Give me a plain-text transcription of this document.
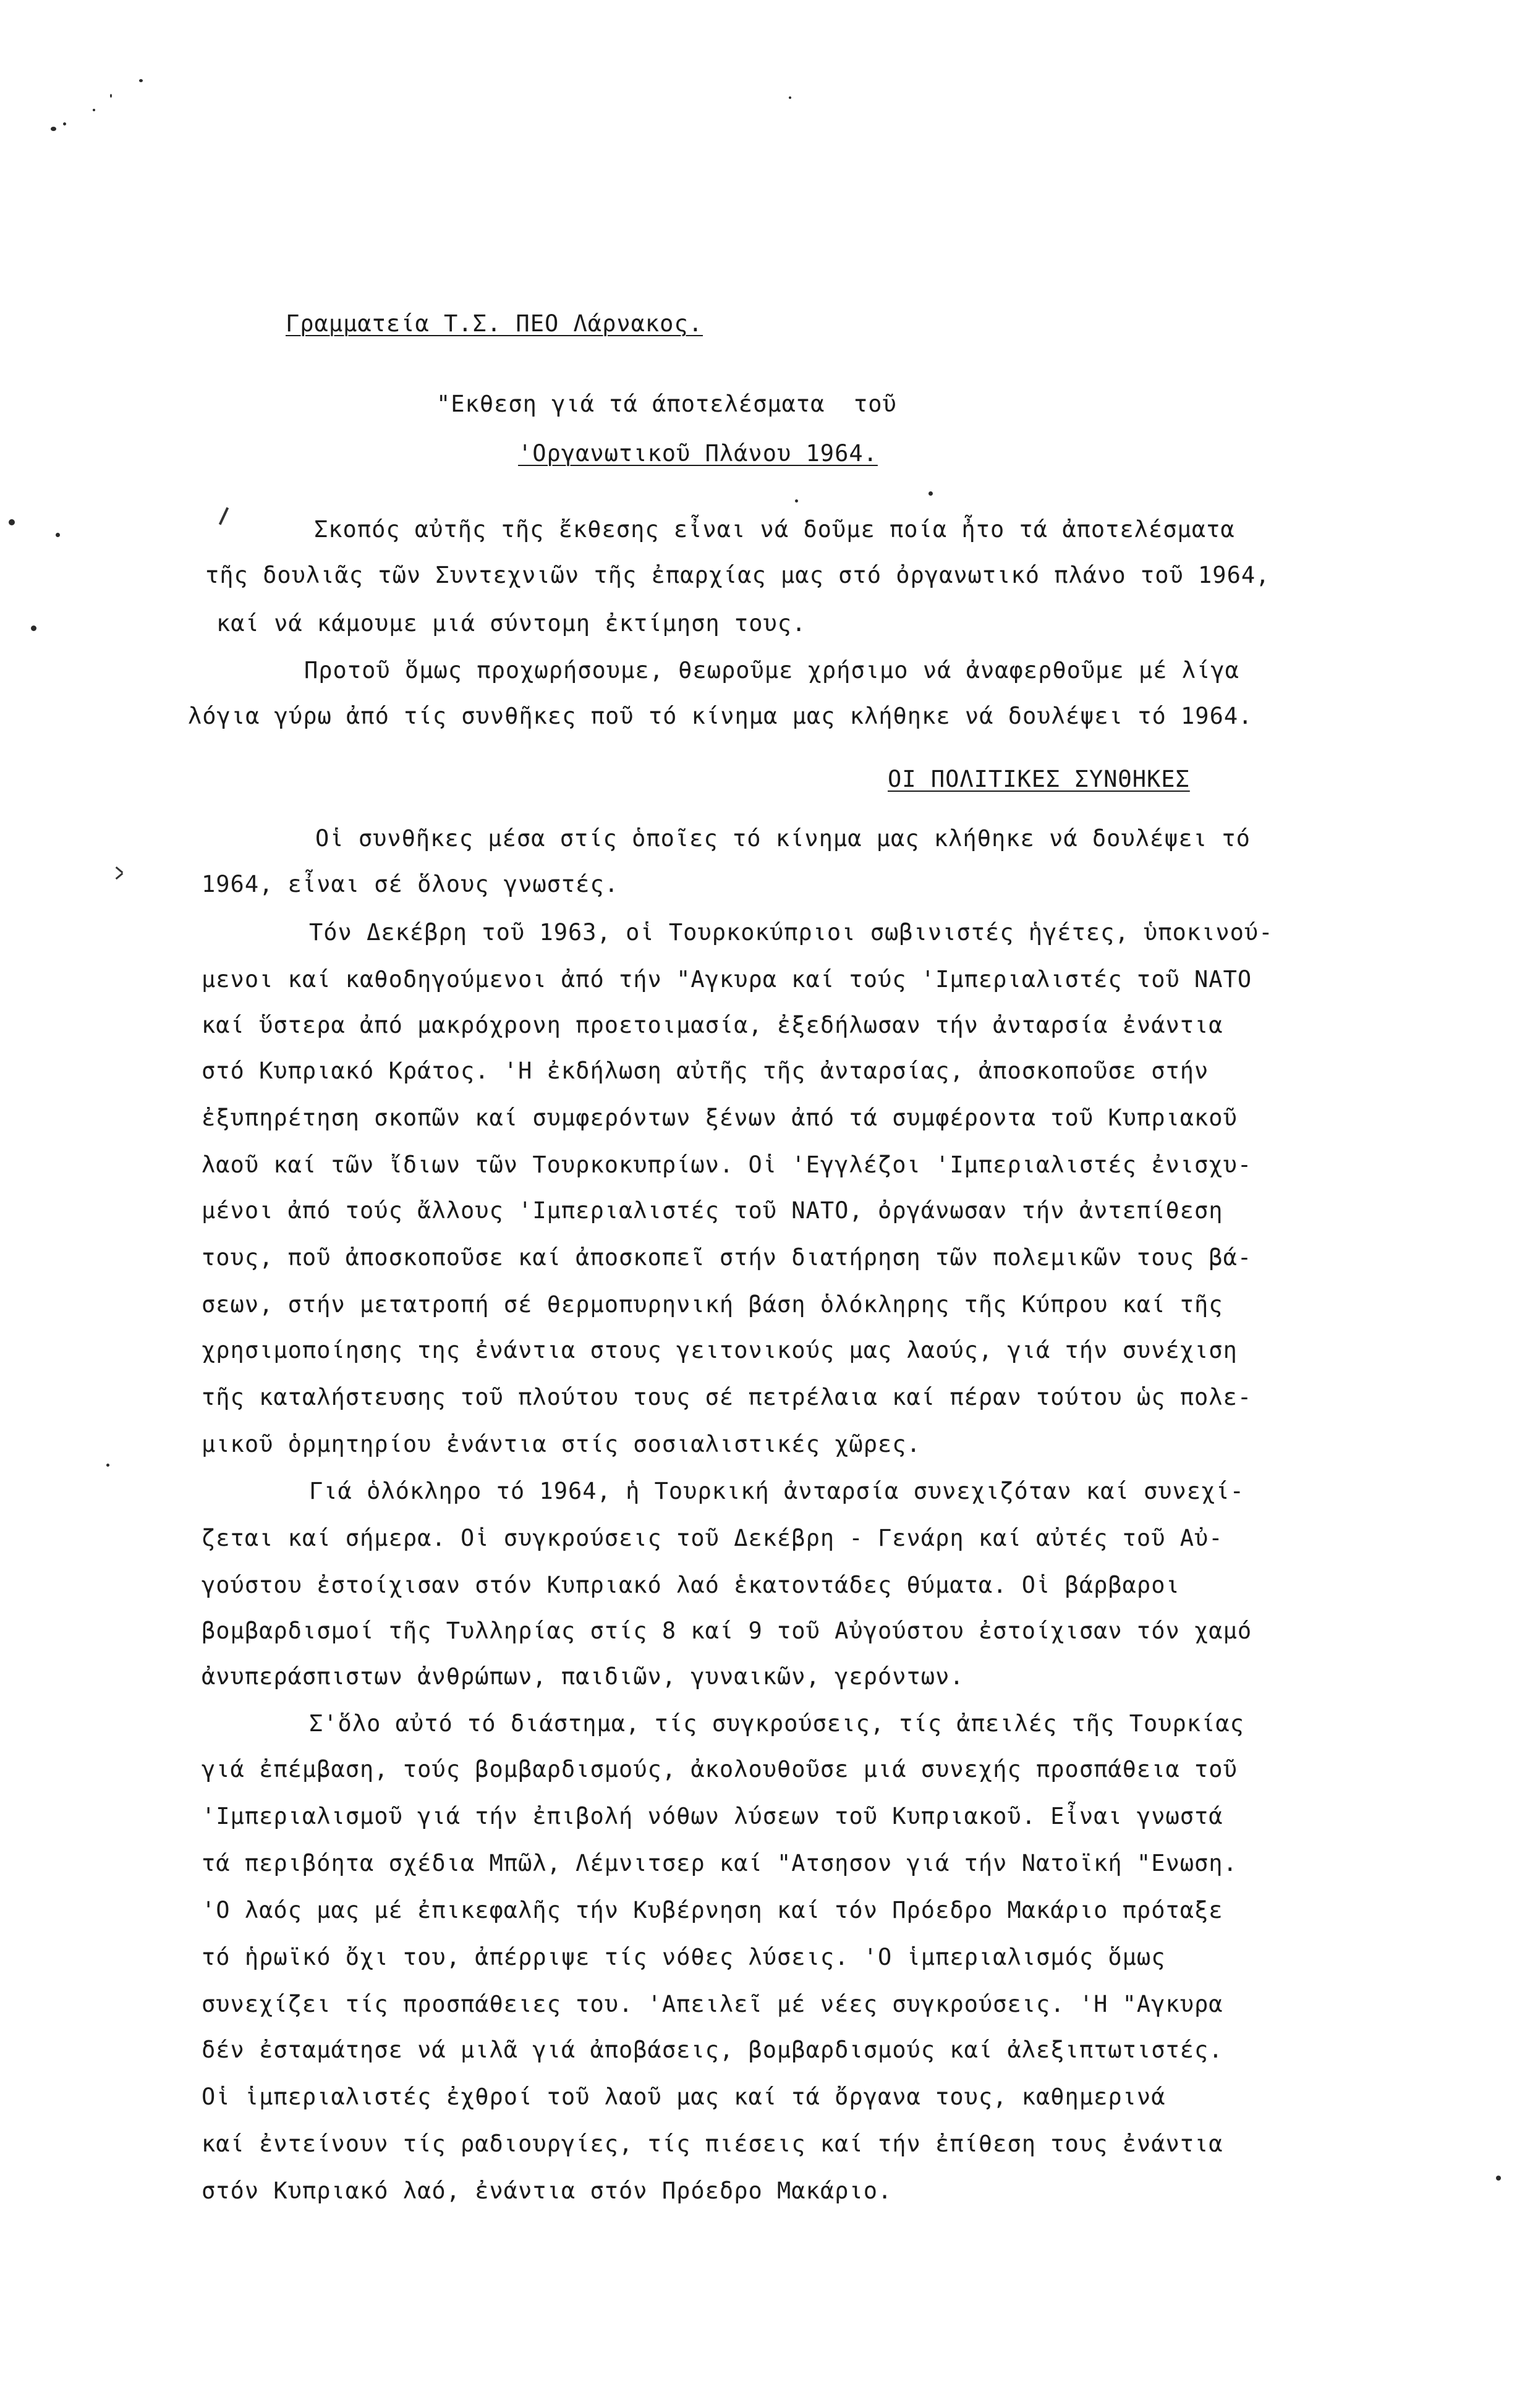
Γραμματεία Τ.Σ. ΠΕΟ Λάρνακος.
"Εκθεση γιά τά άποτελέσματα  τοῦ
'Οργανωτικοῦ Πλάνου 1964.
Σκοπός αὐτῆς τῆς ἔκθεσης εἶναι νά δοῦμε ποία ἦτο τά ἀποτελέσματα
τῆς δουλιᾶς τῶν Συντεχνιῶν τῆς ἐπαρχίας μας στό ὀργανωτικό πλάνο τοῦ 1964,
καί νά κάμουμε μιά σύντομη ἐκτίμηση τους.
Προτοῦ ὅμως προχωρήσουμε, θεωροῦμε χρήσιμο νά ἀναφερθοῦμε μέ λίγα
λόγια γύρω ἀπό τίς συνθῆκες ποῦ τό κίνημα μας κλήθηκε νά δουλέψει τό 1964.
ΟΙ ΠΟΛΙΤΙΚΕΣ ΣΥΝΘΗΚΕΣ
Οἱ συνθῆκες μέσα στίς ὁποῖες τό κίνημα μας κλήθηκε νά δουλέψει τό
1964, εἶναι σέ ὅλους γνωστές.
Τόν Δεκέβρη τοῦ 1963, οἱ Τουρκοκύπριοι σωβινιστές ἡγέτες, ὑποκινού-
μενοι καί καθοδηγούμενοι ἀπό τήν "Αγκυρα καί τούς 'Ιμπεριαλιστές τοῦ ΝΑΤΟ
καί ὕστερα ἀπό μακρόχρονη προετοιμασία, ἐξεδήλωσαν τήν ἀνταρσία ἐνάντια
στό Κυπριακό Κράτος. 'Η ἐκδήλωση αὐτῆς τῆς ἀνταρσίας, ἀποσκοποῦσε στήν
ἐξυπηρέτηση σκοπῶν καί συμφερόντων ξένων ἀπό τά συμφέροντα τοῦ Κυπριακοῦ
λαοῦ καί τῶν ἴδιων τῶν Τουρκοκυπρίων. Οἱ 'Εγγλέζοι 'Ιμπεριαλιστές ἐνισχυ-
μένοι ἀπό τούς ἄλλους 'Ιμπεριαλιστές τοῦ ΝΑΤΟ, ὀργάνωσαν τήν ἀντεπίθεση
τους, ποῦ ἀποσκοποῦσε καί ἀποσκοπεῖ στήν διατήρηση τῶν πολεμικῶν τους βά-
σεων, στήν μετατροπή σέ θερμοπυρηνική βάση ὁλόκληρης τῆς Κύπρου καί τῆς
χρησιμοποίησης της ἐνάντια στους γειτονικούς μας λαούς, γιά τήν συνέχιση
τῆς καταλήστευσης τοῦ πλούτου τους σέ πετρέλαια καί πέραν τούτου ὡς πολε-
μικοῦ ὁρμητηρίου ἐνάντια στίς σοσιαλιστικές χῶρες.
Γιά ὁλόκληρο τό 1964, ἡ Τουρκική ἀνταρσία συνεχιζόταν καί συνεχί-
ζεται καί σήμερα. Οἱ συγκρούσεις τοῦ Δεκέβρη - Γενάρη καί αὐτές τοῦ Αὐ-
γούστου ἐστοίχισαν στόν Κυπριακό λαό ἑκατοντάδες θύματα. Οἱ βάρβαροι
βομβαρδισμοί τῆς Τυλληρίας στίς 8 καί 9 τοῦ Αὐγούστου ἐστοίχισαν τόν χαμό
ἀνυπεράσπιστων ἀνθρώπων, παιδιῶν, γυναικῶν, γερόντων.
Σ'ὅλο αὐτό τό διάστημα, τίς συγκρούσεις, τίς ἀπειλές τῆς Τουρκίας
γιά ἐπέμβαση, τούς βομβαρδισμούς, ἀκολουθοῦσε μιά συνεχής προσπάθεια τοῦ
'Ιμπεριαλισμοῦ γιά τήν ἐπιβολή νόθων λύσεων τοῦ Κυπριακοῦ. Εἶναι γνωστά
τά περιβόητα σχέδια Μπῶλ, Λέμνιτσερ καί "Ατσησον γιά τήν Νατοϊκή "Ενωση.
'Ο λαός μας μέ ἐπικεφαλῆς τήν Κυβέρνηση καί τόν Πρόεδρο Μακάριο πρόταξε
τό ἡρωϊκό ὄχι του, ἀπέρριψε τίς νόθες λύσεις. 'Ο ἱμπεριαλισμός ὅμως
συνεχίζει τίς προσπάθειες του. 'Απειλεῖ μέ νέες συγκρούσεις. 'Η "Αγκυρα
δέν ἐσταμάτησε νά μιλᾶ γιά ἀποβάσεις, βομβαρδισμούς καί ἀλεξιπτωτιστές.
Οἱ ἱμπεριαλιστές ἐχθροί τοῦ λαοῦ μας καί τά ὄργανα τους, καθημερινά
καί ἐντείνουν τίς ραδιουργίες, τίς πιέσεις καί τήν ἐπίθεση τους ἐνάντια
στόν Κυπριακό λαό, ἐνάντια στόν Πρόεδρο Μακάριο.
